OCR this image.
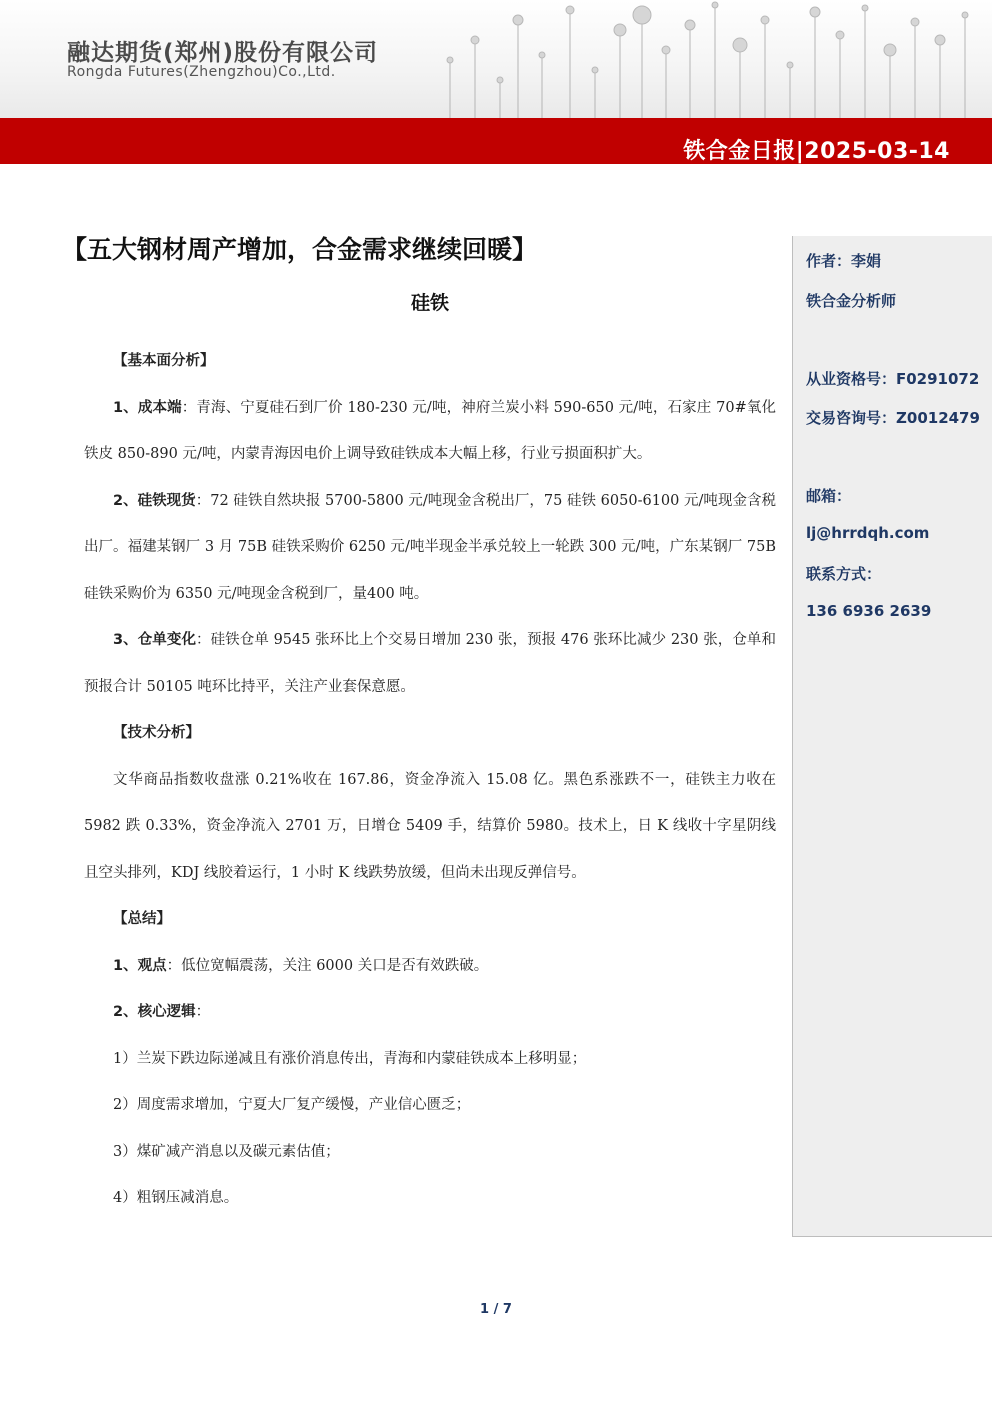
融达期货(郑州)股份有限公司
Rongda Futures(Zhengzhou)Co.,Ltd.
铁合金日报|2025-03-14
【五大钢材周产增加，合金需求继续回暖】
硅铁

【基本面分析】

1、成本端：青海、宁夏硅石到厂价 180-230 元/吨，神府兰炭小料 590-650 元/吨，石家庄 70#氧化铁皮 850-890 元/吨，内蒙青海因电价上调导致硅铁成本大幅上移，行业亏损面积扩大。

2、硅铁现货：72 硅铁自然块报 5700-5800 元/吨现金含税出厂，75 硅铁 6050-6100 元/吨现金含税出厂。福建某钢厂 3 月 75B 硅铁采购价 6250 元/吨半现金半承兑较上一轮跌 300 元/吨，广东某钢厂 75B 硅铁采购价为 6350 元/吨现金含税到厂，量400 吨。

3、仓单变化：硅铁仓单 9545 张环比上个交易日增加 230 张，预报 476 张环比减少 230 张，仓单和预报合计 50105 吨环比持平，关注产业套保意愿。

【技术分析】

文华商品指数收盘涨 0.21%收在 167.86，资金净流入 15.08 亿。黑色系涨跌不一，硅铁主力收在 5982 跌 0.33%，资金净流入 2701 万，日增仓 5409 手，结算价 5980。技术上，日 K 线收十字星阴线且空头排列，KDJ 线胶着运行，1 小时 K 线跌势放缓，但尚未出现反弹信号。

【总结】

1、观点：低位宽幅震荡，关注 6000 关口是否有效跌破。

2、核心逻辑：

1）兰炭下跌边际递减且有涨价消息传出，青海和内蒙硅铁成本上移明显；

2）周度需求增加，宁夏大厂复产缓慢，产业信心匮乏；

3）煤矿减产消息以及碳元素估值；

4）粗钢压减消息。

作者：李娟
铁合金分析师
从业资格号：F0291072
交易咨询号：Z0012479
邮箱：
lj@hrrdqh.com
联系方式：
136 6936 2639
1 / 7
